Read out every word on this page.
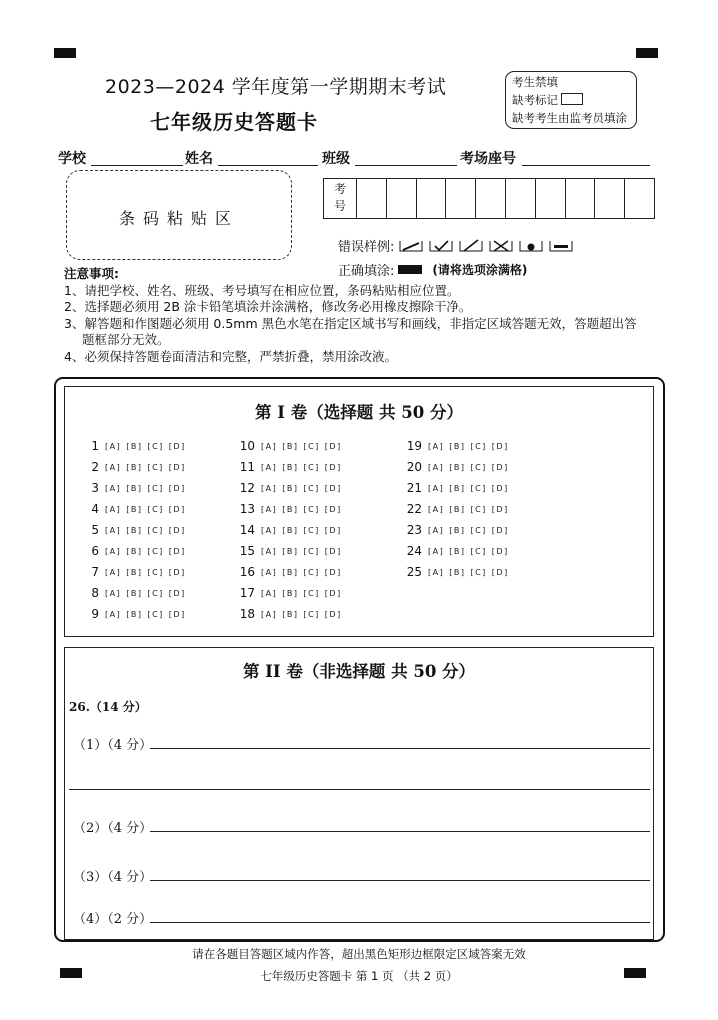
2023—2024 学年度第一学期期末考试
七年级历史答题卡
考生禁填
缺考标记
缺考考生由监考员填涂
学校	姓名	班级	考场座号
条码粘贴区
考
号
错误样例:
正确填涂:	(请将选项涂满格)
注意事项:
1、请把学校、姓名、班级、考号填写在相应位置，条码粘贴相应位置。
2、选择题必须用 2B 涂卡铅笔填涂并涂满格，修改务必用橡皮擦除干净。
3、解答题和作图题必须用 0.5mm 黑色水笔在指定区域书写和画线，非指定区域答题无效，答题超出答
题框部分无效。
4、必须保持答题卷面清洁和完整，严禁折叠，禁用涂改液。
第 I 卷（选择题 共 50 分）
1 [A] [B] [C] [D]
2 [A] [B] [C] [D]
3 [A] [B] [C] [D]
4 [A] [B] [C] [D]
5 [A] [B] [C] [D]
6 [A] [B] [C] [D]
7 [A] [B] [C] [D]
8 [A] [B] [C] [D]
9 [A] [B] [C] [D]
10 [A] [B] [C] [D]
11 [A] [B] [C] [D]
12 [A] [B] [C] [D]
13 [A] [B] [C] [D]
14 [A] [B] [C] [D]
15 [A] [B] [C] [D]
16 [A] [B] [C] [D]
17 [A] [B] [C] [D]
18 [A] [B] [C] [D]
19 [A] [B] [C] [D]
20 [A] [B] [C] [D]
21 [A] [B] [C] [D]
22 [A] [B] [C] [D]
23 [A] [B] [C] [D]
24 [A] [B] [C] [D]
25 [A] [B] [C] [D]
第 II 卷（非选择题 共 50 分）
26.（14 分）
（1）（4 分）
（2）（4 分）
（3）（4 分）
（4）（2 分）
请在各题目答题区域内作答，超出黑色矩形边框限定区域答案无效
七年级历史答题卡 第 1 页 （共 2 页）
